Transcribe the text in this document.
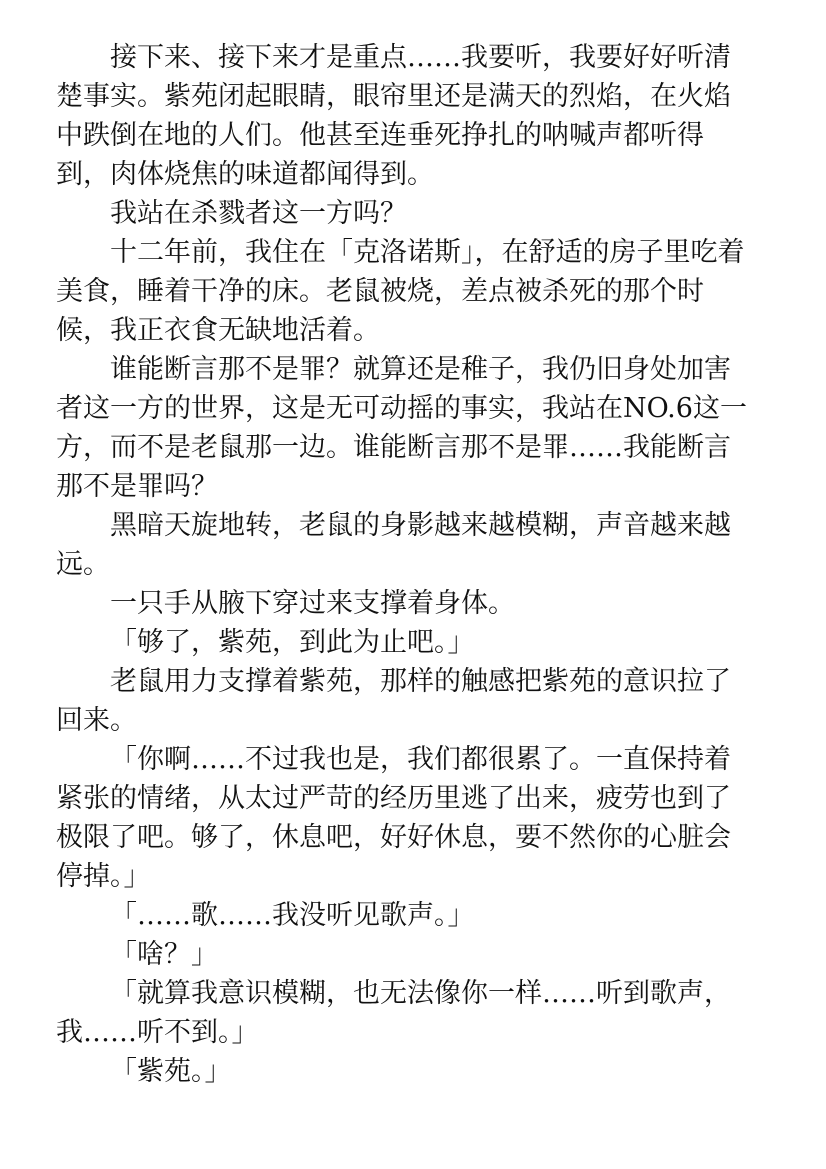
接下来、接下来才是重点……我要听，我要好好听清楚事实。紫苑闭起眼睛，眼帘里还是满天的烈焰，在火焰中跌倒在地的人们。他甚至连垂死挣扎的呐喊声都听得到，肉体烧焦的味道都闻得到。

我站在杀戮者这一方吗？

十二年前，我住在「克洛诺斯」，在舒适的房子里吃着美食，睡着干净的床。老鼠被烧，差点被杀死的那个时候，我正衣食无缺地活着。

谁能断言那不是罪？就算还是稚子，我仍旧身处加害者这一方的世界，这是无可动摇的事实，我站在NO.6这一方，而不是老鼠那一边。谁能断言那不是罪……我能断言那不是罪吗？

黑暗天旋地转，老鼠的身影越来越模糊，声音越来越远。

一只手从腋下穿过来支撑着身体。

「够了，紫苑，到此为止吧。」

老鼠用力支撑着紫苑，那样的触感把紫苑的意识拉了回来。

「你啊……不过我也是，我们都很累了。一直保持着紧张的情绪，从太过严苛的经历里逃了出来，疲劳也到了极限了吧。够了，休息吧，好好休息，要不然你的心脏会停掉。」

「……歌……我没听见歌声。」

「啥？」

「就算我意识模糊，也无法像你一样……听到歌声，我……听不到。」

「紫苑。」
